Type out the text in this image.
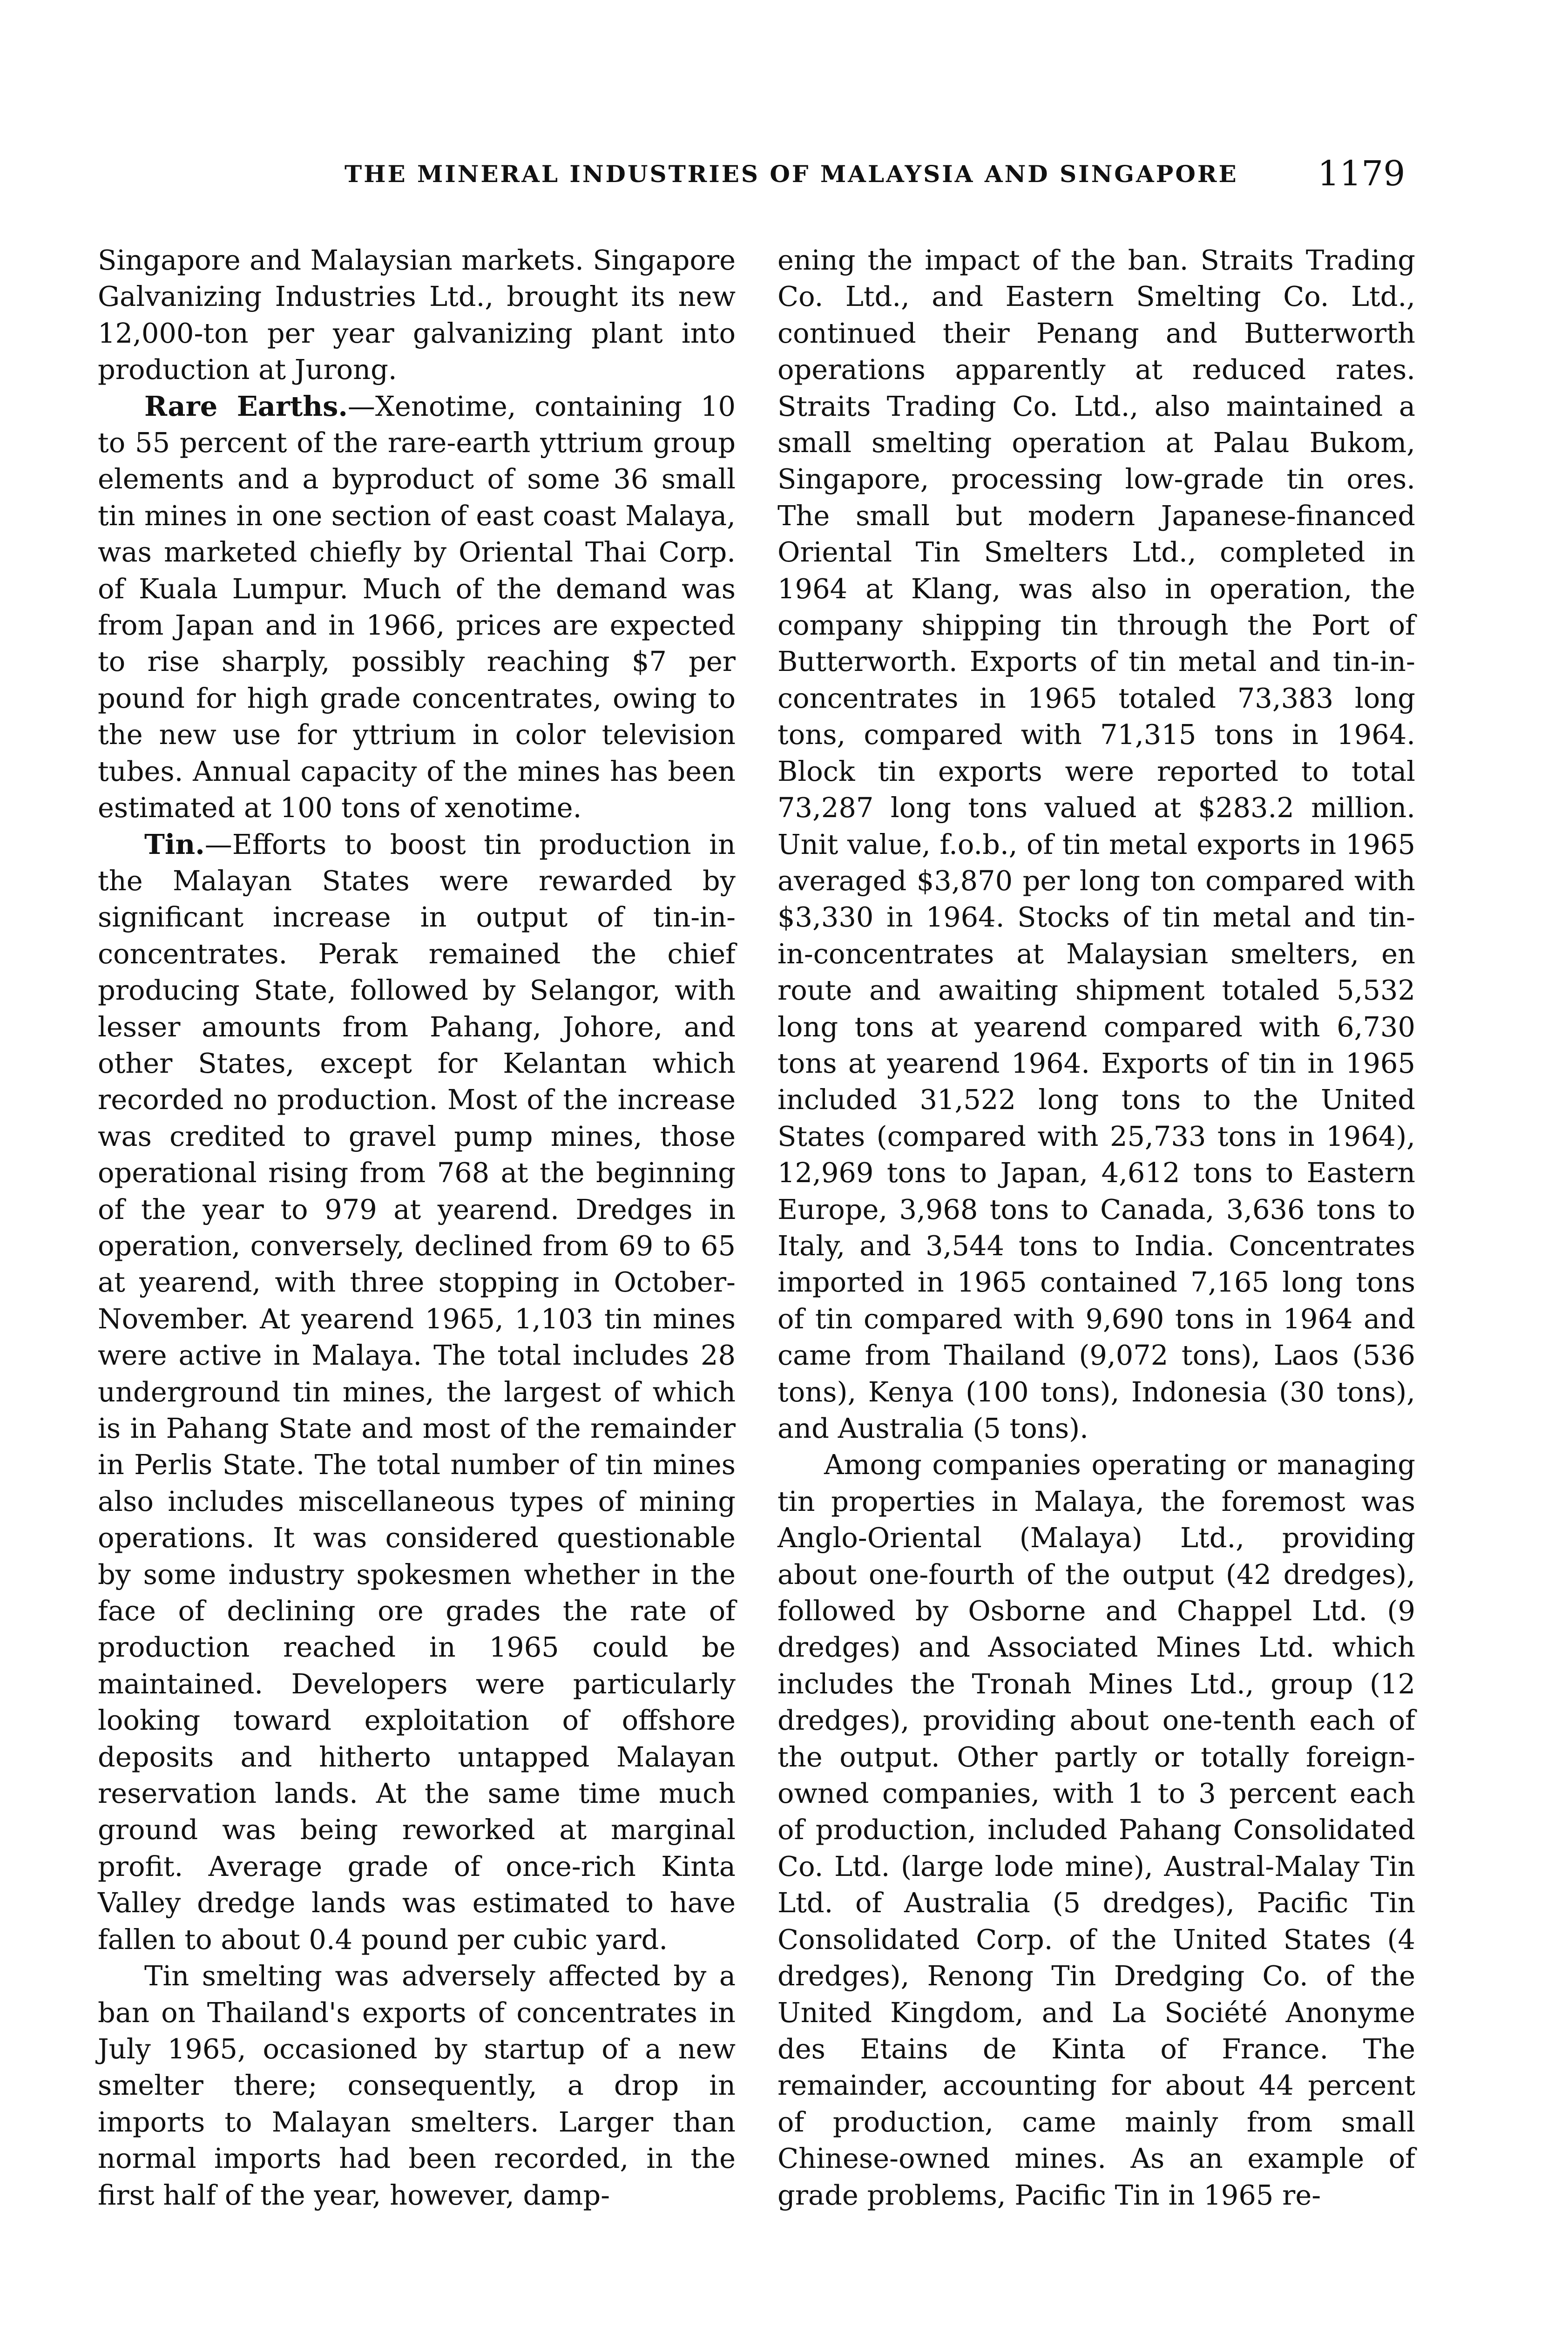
THE MINERAL INDUSTRIES OF MALAYSIA AND SINGAPORE 1179

Singapore and Malaysian markets. Singapore Galvanizing Industries Ltd., brought its new 12,000-ton per year galvanizing plant into production at Jurong.

Rare Earths.—Xenotime, containing 10 to 55 percent of the rare-earth yttrium group elements and a byproduct of some 36 small tin mines in one section of east coast Malaya, was marketed chiefly by Oriental Thai Corp. of Kuala Lumpur. Much of the demand was from Japan and in 1966, prices are expected to rise sharply, possibly reaching $7 per pound for high grade concentrates, owing to the new use for yttrium in color television tubes. Annual capacity of the mines has been estimated at 100 tons of xenotime.

Tin.—Efforts to boost tin production in the Malayan States were rewarded by significant increase in output of tin-in-concentrates. Perak remained the chief producing State, followed by Selangor, with lesser amounts from Pahang, Johore, and other States, except for Kelantan which recorded no production. Most of the increase was credited to gravel pump mines, those operational rising from 768 at the beginning of the year to 979 at yearend. Dredges in operation, conversely, declined from 69 to 65 at yearend, with three stopping in October-November. At yearend 1965, 1,103 tin mines were active in Malaya. The total includes 28 underground tin mines, the largest of which is in Pahang State and most of the remainder in Perlis State. The total number of tin mines also includes miscellaneous types of mining operations. It was considered questionable by some industry spokesmen whether in the face of declining ore grades the rate of production reached in 1965 could be maintained. Developers were particularly looking toward exploitation of offshore deposits and hitherto untapped Malayan reservation lands. At the same time much ground was being reworked at marginal profit. Average grade of once-rich Kinta Valley dredge lands was estimated to have fallen to about 0.4 pound per cubic yard.

Tin smelting was adversely affected by a ban on Thailand's exports of concentrates in July 1965, occasioned by startup of a new smelter there; consequently, a drop in imports to Malayan smelters. Larger than normal imports had been recorded, in the first half of the year, however, damp-

ening the impact of the ban. Straits Trading Co. Ltd., and Eastern Smelting Co. Ltd., continued their Penang and Butterworth operations apparently at reduced rates. Straits Trading Co. Ltd., also maintained a small smelting operation at Palau Bukom, Singapore, processing low-grade tin ores. The small but modern Japanese-financed Oriental Tin Smelters Ltd., completed in 1964 at Klang, was also in operation, the company shipping tin through the Port of Butterworth. Exports of tin metal and tin-in-concentrates in 1965 totaled 73,383 long tons, compared with 71,315 tons in 1964. Block tin exports were reported to total 73,287 long tons valued at $283.2 million. Unit value, f.o.b., of tin metal exports in 1965 averaged $3,870 per long ton compared with $3,330 in 1964. Stocks of tin metal and tin-in-concentrates at Malaysian smelters, en route and awaiting shipment totaled 5,532 long tons at yearend compared with 6,730 tons at yearend 1964. Exports of tin in 1965 included 31,522 long tons to the United States (compared with 25,733 tons in 1964), 12,969 tons to Japan, 4,612 tons to Eastern Europe, 3,968 tons to Canada, 3,636 tons to Italy, and 3,544 tons to India. Concentrates imported in 1965 contained 7,165 long tons of tin compared with 9,690 tons in 1964 and came from Thailand (9,072 tons), Laos (536 tons), Kenya (100 tons), Indonesia (30 tons), and Australia (5 tons).

Among companies operating or managing tin properties in Malaya, the foremost was Anglo-Oriental (Malaya) Ltd., providing about one-fourth of the output (42 dredges), followed by Osborne and Chappel Ltd. (9 dredges) and Associated Mines Ltd. which includes the Tronah Mines Ltd., group (12 dredges), providing about one-tenth each of the output. Other partly or totally foreign-owned companies, with 1 to 3 percent each of production, included Pahang Consolidated Co. Ltd. (large lode mine), Austral-Malay Tin Ltd. of Australia (5 dredges), Pacific Tin Consolidated Corp. of the United States (4 dredges), Renong Tin Dredging Co. of the United Kingdom, and La Société Anonyme des Etains de Kinta of France. The remainder, accounting for about 44 percent of production, came mainly from small Chinese-owned mines. As an example of grade problems, Pacific Tin in 1965 re-
